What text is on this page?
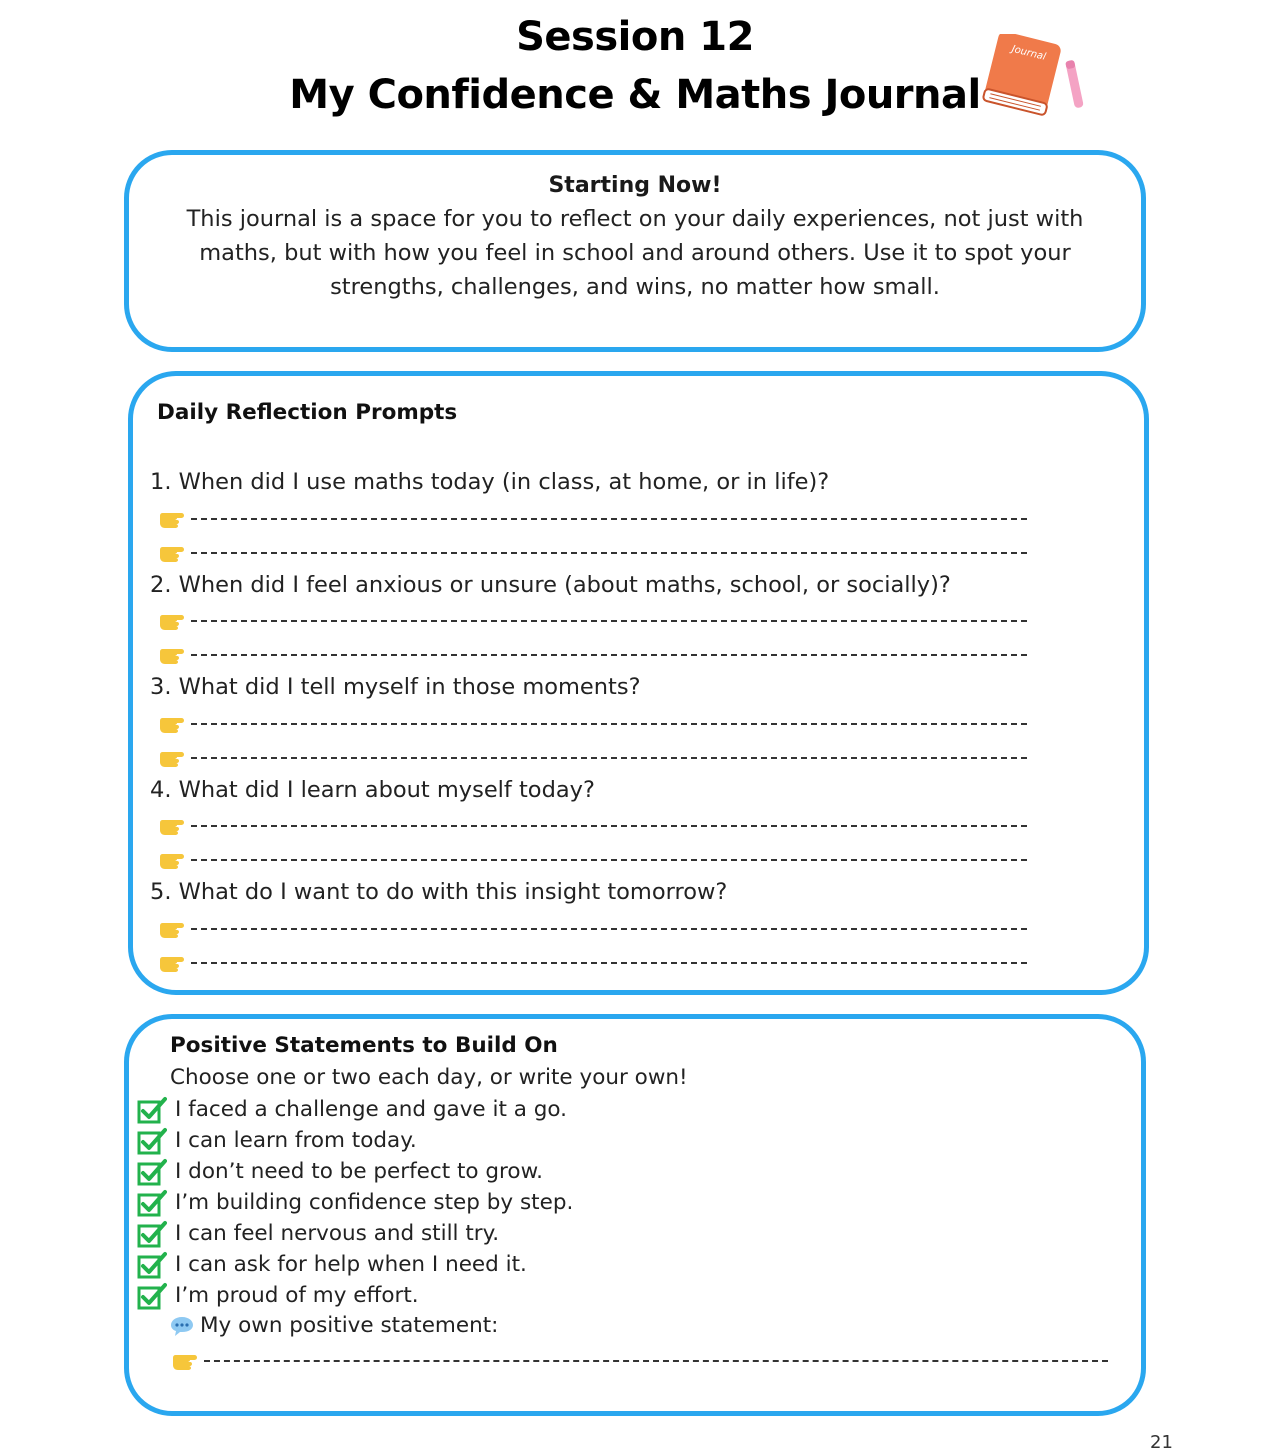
Session 12
My Confidence & Maths Journal
Journal
Starting Now!
This journal is a space for you to reflect on your daily experiences, not just with
maths, but with how you feel in school and around others. Use it to spot your
strengths, challenges, and wins, no matter how small.
Daily Reflection Prompts
1. When did I use maths today (in class, at home, or in life)?
2. When did I feel anxious or unsure (about maths, school, or socially)?
3. What did I tell myself in those moments?
4. What did I learn about myself today?
5. What do I want to do with this insight tomorrow?
Positive Statements to Build On
Choose one or two each day, or write your own!
I faced a challenge and gave it a go.
I can learn from today.
I don’t need to be perfect to grow.
I’m building confidence step by step.
I can feel nervous and still try.
I can ask for help when I need it.
I’m proud of my effort.
My own positive statement:
21
